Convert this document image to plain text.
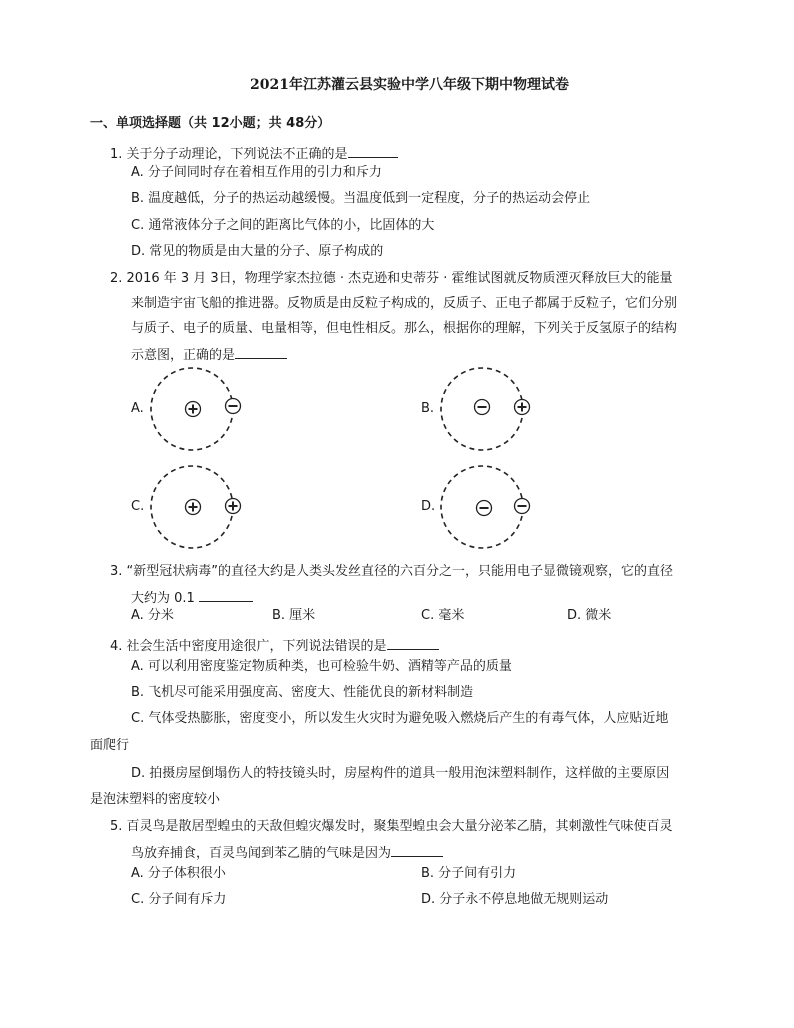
2021年江苏灌云县实验中学八年级下期中物理试卷
一、单项选择题（共 12小题；共 48分）
1. 关于分子动理论，下列说法不正确的是
A. 分子间同时存在着相互作用的引力和斥力
B. 温度越低，分子的热运动越缓慢。当温度低到一定程度，分子的热运动会停止
C. 通常液体分子之间的距离比气体的小，比固体的大
D. 常见的物质是由大量的分子、原子构成的
2. 2016 年 3 月 3日，物理学家杰拉德 · 杰克逊和史蒂芬 · 霍维试图就反物质湮灭释放巨大的能量
来制造宇宙飞船的推进器。反物质是由反粒子构成的，反质子、正电子都属于反粒子，它们分别
与质子、电子的质量、电量相等，但电性相反。那么，根据你的理解，下列关于反氢原子的结构
示意图，正确的是
A.	B.
C.	D.
3. “新型冠状病毒”的直径大约是人类头发丝直径的六百分之一，只能用电子显微镜观察，它的直径
大约为 0.1
A. 分米	B. 厘米	C. 毫米	D. 微米
4. 社会生活中密度用途很广，下列说法错误的是
A. 可以利用密度鉴定物质种类，也可检验牛奶、酒精等产品的质量
B. 飞机尽可能采用强度高、密度大、性能优良的新材料制造
C. 气体受热膨胀，密度变小，所以发生火灾时为避免吸入燃烧后产生的有毒气体，人应贴近地
面爬行
D. 拍摄房屋倒塌伤人的特技镜头时，房屋构件的道具一般用泡沫塑料制作，这样做的主要原因
是泡沫塑料的密度较小
5. 百灵鸟是散居型蝗虫的天敌但蝗灾爆发时，聚集型蝗虫会大量分泌苯乙腈，其刺激性气味使百灵
鸟放弃捕食，百灵鸟闻到苯乙腈的气味是因为
A. 分子体积很小	B. 分子间有引力
C. 分子间有斥力	D. 分子永不停息地做无规则运动
